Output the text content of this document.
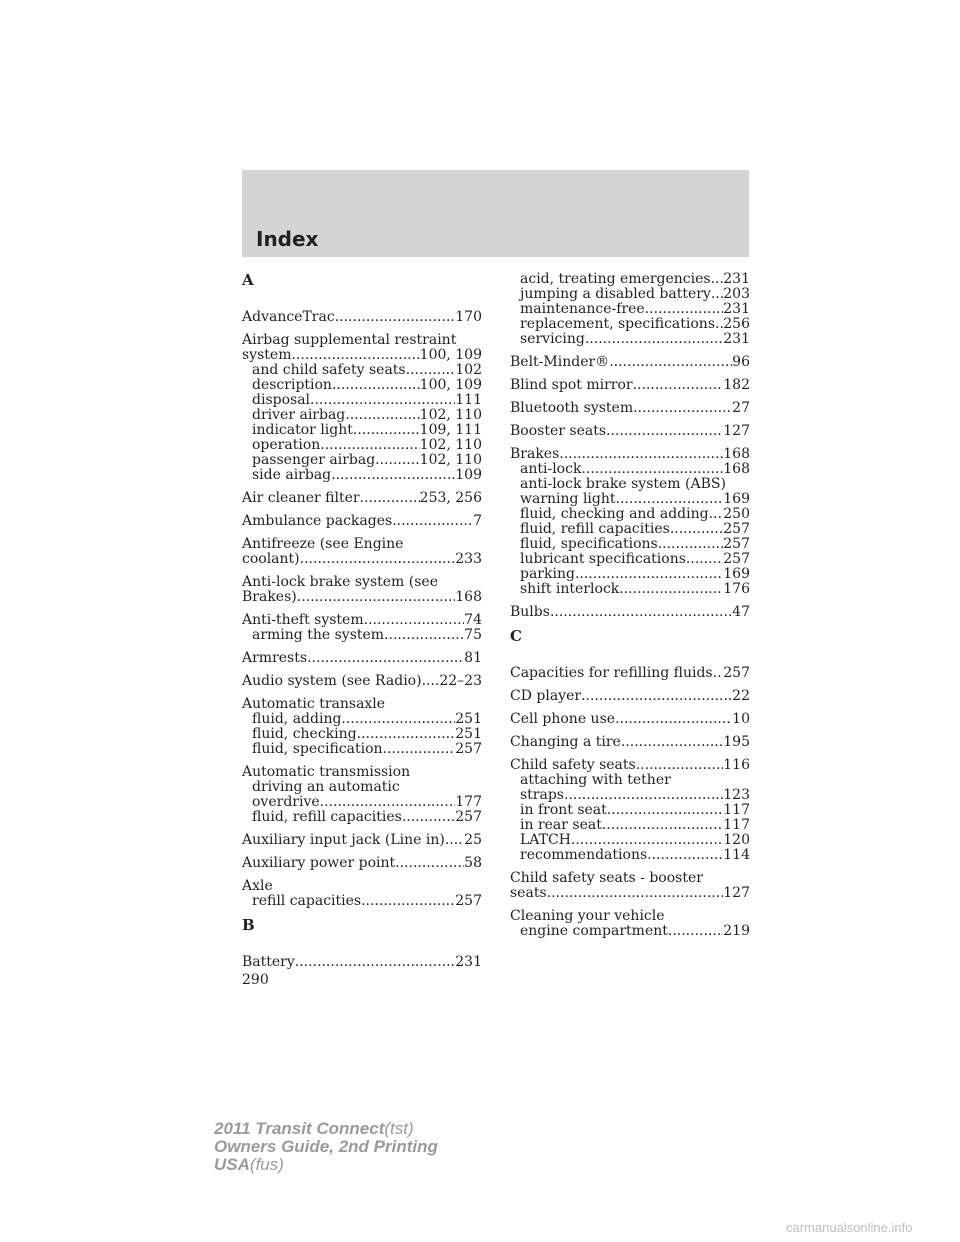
Index
A
AdvanceTrac .....	170
Airbag supplemental restraint
system .....	100, 109
and child safety seats .....	102
description .....	100, 109
disposal .....	111
driver airbag .....	102, 110
indicator light .....	109, 111
operation .....	102, 110
passenger airbag .....	102, 110
side airbag .....	109
Air cleaner filter .....	253, 256
Ambulance packages .....	7
Antifreeze (see Engine
coolant) .....	233
Anti-lock brake system (see
Brakes) .....	168
Anti-theft system .....	74
arming the system .....	75
Armrests .....	81
Audio system (see Radio) ..... 22–23
Automatic transaxle
fluid, adding .....	251
fluid, checking .....	251
fluid, specification .....	257
Automatic transmission
driving an automatic
overdrive .....	177
fluid, refill capacities .....	257
Auxiliary input jack (Line in) ..... 25
Auxiliary power point .....	58
Axle
refill capacities .....	257
B
Battery .....	231
acid, treating emergencies ..... 231
jumping a disabled battery ..... 203
maintenance-free .....	231
replacement, specifications ..... 256
servicing .....	231
Belt-Minder® .....	96
Blind spot mirror .....	182
Bluetooth system .....	27
Booster seats .....	127
Brakes .....	168
anti-lock .....	168
anti-lock brake system (ABS)
warning light .....	169
fluid, checking and adding ..... 250
fluid, refill capacities .....	257
fluid, specifications .....	257
lubricant specifications .....	257
parking .....	169
shift interlock .....	176
Bulbs .....	47
C
Capacities for refilling fluids ..... 257
CD player .....	22
Cell phone use .....	10
Changing a tire .....	195
Child safety seats .....	116
attaching with tether
straps .....	123
in front seat .....	117
in rear seat .....	117
LATCH .....	120
recommendations .....	114
Child safety seats - booster
seats .....	127
Cleaning your vehicle
engine compartment .....	219
290
2011 Transit Connect(tst)
Owners Guide, 2nd Printing
USA(fus)
carmanualsonline.info
